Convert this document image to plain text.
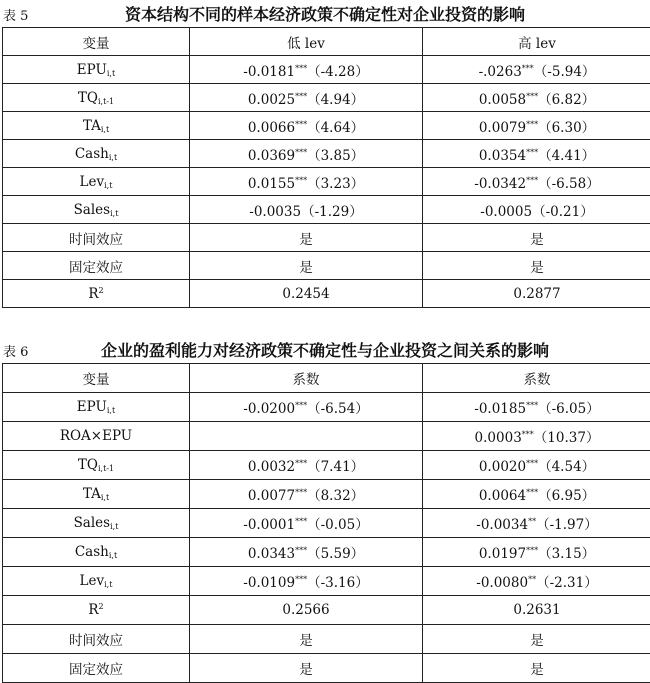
表 5	资本结构不同的样本经济政策不确定性对企业投资的影响
变量	低 lev	高 lev
$EPU_{i,t}$	-0.0181***（-4.28）	-.0263***（-5.94）
$TQ_{i,t-1}$	0.0025***（4.94）	0.0058***（6.82）
$TA_{i,t}$	0.0066***（4.64）	0.0079***（6.30）
Cash$_{i,t}$	0.0369***（3.85）	0.0354***（4.41）
Lev$_{i,t}$	0.0155***（3.23）	-0.0342***（-6.58）
Sales$_{i,t}$	-0.0035（-1.29）	-0.0005（-0.21）
时间效应	是	是
固定效应	是	是
$R^2$	0.2454	0.2877
表 6	企业的盈利能力对经济政策不确定性与企业投资之间关系的影响
变量	系数	系数
$EPU_{i,t}$	-0.0200***（-6.54）	-0.0185***（-6.05）
ROA×EPU		0.0003***（10.37）
$TQ_{i,t-1}$	0.0032***（7.41）	0.0020***（4.54）
$TA_{i,t}$	0.0077***（8.32）	0.0064***（6.95）
Sales$_{i,t}$	-0.0001***（-0.05）	-0.0034**（-1.97）
Cash$_{i,t}$	0.0343***（5.59）	0.0197***（3.15）
Lev$_{i,t}$	-0.0109***（-3.16）	-0.0080**（-2.31）
$R^2$	0.2566	0.2631
时间效应	是	是
固定效应	是	是
